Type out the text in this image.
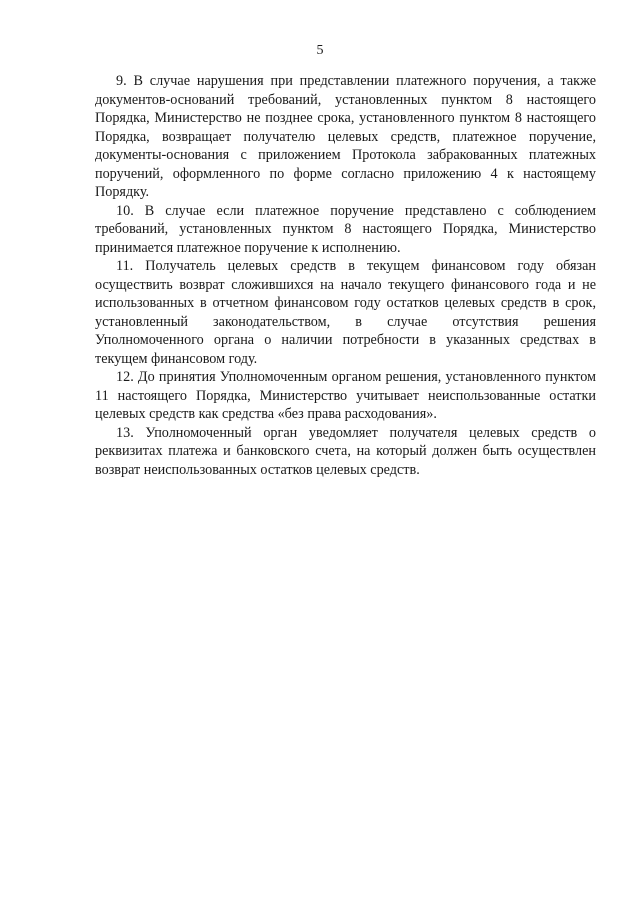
5

9. В случае нарушения при представлении платежного поручения, а также документов-оснований требований, установленных пунктом 8 настоящего Порядка, Министерство не позднее срока, установленного пунктом 8 настоящего Порядка, возвращает получателю целевых средств, платежное поручение, документы-основания с приложением Протокола забракованных платежных поручений, оформленного по форме согласно приложению 4 к настоящему Порядку.

10. В случае если платежное поручение представлено с соблюдением требований, установленных пунктом 8 настоящего Порядка, Министерство принимается платежное поручение к исполнению.

11. Получатель целевых средств в текущем финансовом году обязан осуществить возврат сложившихся на начало текущего финансового года и не использованных в отчетном финансовом году остатков целевых средств в срок, установленный законодательством, в случае отсутствия решения Уполномоченного органа о наличии потребности в указанных средствах в текущем финансовом году.

12. До принятия Уполномоченным органом решения, установленного пунктом 11 настоящего Порядка, Министерство учитывает неиспользованные остатки целевых средств как средства «без права расходования».

13. Уполномоченный орган уведомляет получателя целевых средств о реквизитах платежа и банковского счета, на который должен быть осуществлен возврат неиспользованных остатков целевых средств.
